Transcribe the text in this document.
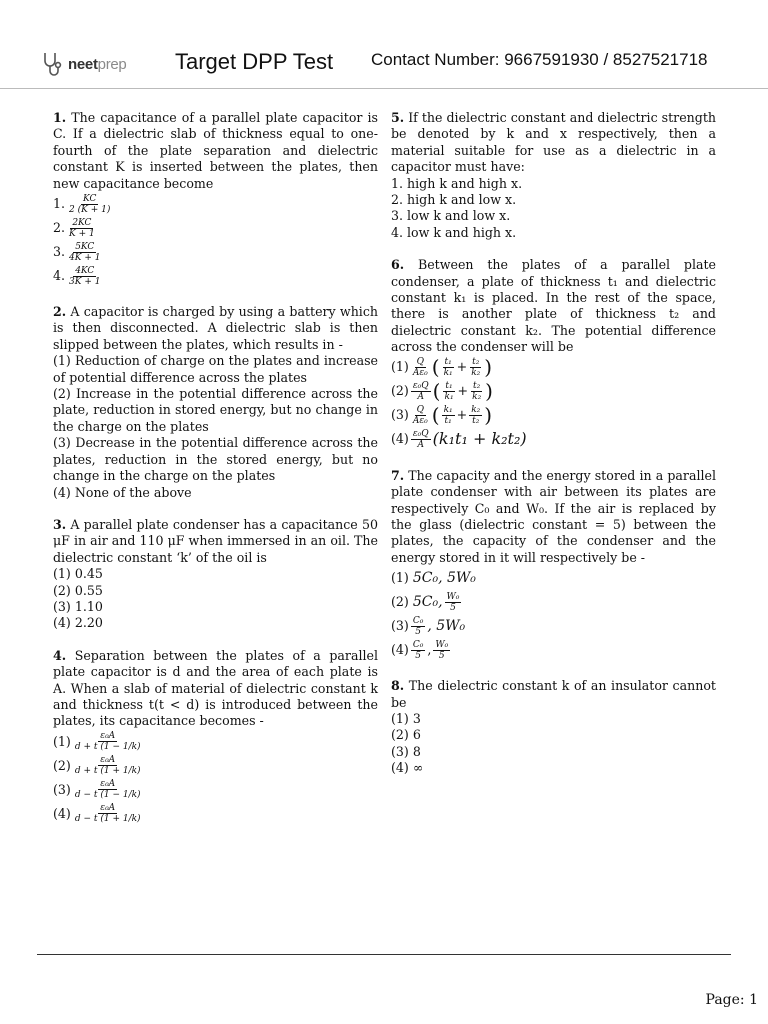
neetprep Target DPP Test Contact Number: 9667591930 / 8527521718
1. The capacitance of a parallel plate capacitor is C. If a dielectric slab of thickness equal to one-fourth of the plate separation and dielectric constant K is inserted between the plates, then new capacitance become
1. $\frac{KC}{2 (K + 1)}$
2. $\frac{2KC}{K + 1}$
3. $\frac{5KC}{4K + 1}$
4. $\frac{4KC}{3K + 1}$
2. A capacitor is charged by using a battery which is then disconnected. A dielectric slab is then slipped between the plates, which results in -
(1) Reduction of charge on the plates and increase of potential difference across the plates
(2) Increase in the potential difference across the plate, reduction in stored energy, but no change in the charge on the plates
(3) Decrease in the potential difference across the plates, reduction in the stored energy, but no change in the charge on the plates
(4) None of the above
3. A parallel plate condenser has a capacitance 50 μF in air and 110 μF when immersed in an oil. The dielectric constant ‘k’ of the oil is
(1) 0.45
(2) 0.55
(3) 1.10
(4) 2.20
4. Separation between the plates of a parallel plate capacitor is d and the area of each plate is A. When a slab of material of dielectric constant k and thickness t(t < d) is introduced between the plates, its capacitance becomes -
$(1) \frac{\text{ε₀A}}{d + t (1 - 1/k)}$
$(2) \frac{\text{ε₀A}}{d + t (1 + 1/k)}$
$(3) \frac{\text{ε₀A}}{d - t (1 - 1/k)}$
$(4) \frac{\text{ε₀A}}{d - t (1 + 1/k)}$
5. If the dielectric constant and dielectric strength be denoted by k and x respectively, then a material suitable for use as a dielectric in a capacitor must have:
1. high k and high x.
2. high k and low x.
3. low k and low x.
4. low k and high x.
6. Between the plates of a parallel plate condenser, a plate of thickness t₁ and dielectric constant k₁ is placed. In the rest of the space, there is another plate of thickness t₂ and dielectric constant k₂. The potential difference across the condenser will be
$(1) \frac{Q}{\text{Aε₀}}$ ( $\frac{\text{t₁}}{\text{k₁}} + \frac{\text{t₂}}{\text{k₂}}$ )
$(2) \frac{\text{ε₀Q}}{A}$ ( $\frac{\text{t₁}}{\text{k₁}} + \frac{\text{t₂}}{\text{k₂}}$ )
$(3) \frac{Q}{\text{Aε₀}}$ ( $\frac{\text{k₁}}{\text{t₁}} + \frac{\text{k₂}}{\text{t₂}}$ )
$(4) \frac{\text{ε₀Q}}{A} (k_1t_1 + k_2t_2)$
7. The capacity and the energy stored in a parallel plate condenser with air between its plates are respectively C₀ and W₀. If the air is replaced by the glass (dielectric constant = 5) between the plates, the capacity of the condenser and the energy stored in it will respectively be -
(1)
5C₀, 5W₀
(2)
5C₀, $\frac{\text{W₀}}{5}$
$(3) \frac{\text{C₀}}{5}$ , 5W₀
$(4) \frac{\text{C₀}}{5}$ , $\frac{\text{W₀}}{5}$
8. The dielectric constant k of an insulator cannot be
(1) 3
(2) 6
(3) 8
(4) ∞
Page: 1
